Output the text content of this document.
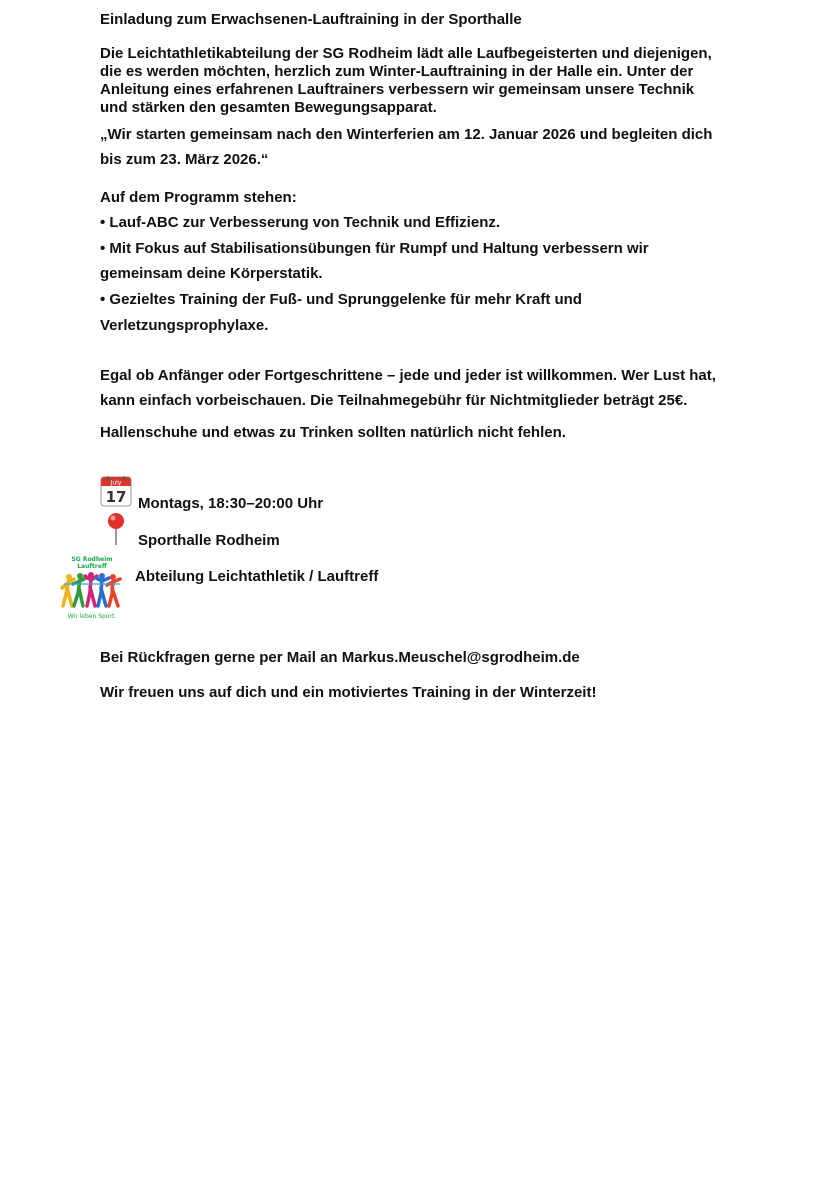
Einladung zum Erwachsenen-Lauftraining in der Sporthalle
Die Leichtathletikabteilung der SG Rodheim lädt alle Laufbegeisterten und diejenigen,
die es werden möchten, herzlich zum Winter-Lauftraining in der Halle ein. Unter der
Anleitung eines erfahrenen Lauftrainers verbessern wir gemeinsam unsere Technik
und stärken den gesamten Bewegungsapparat.
„Wir starten gemeinsam nach den Winterferien am 12. Januar 2026 und begleiten dich
bis zum 23. März 2026.“
Auf dem Programm stehen:
• Lauf-ABC zur Verbesserung von Technik und Effizienz.
• Mit Fokus auf Stabilisationsübungen für Rumpf und Haltung verbessern wir
gemeinsam deine Körperstatik.
• Gezieltes Training der Fuß- und Sprunggelenke für mehr Kraft und
Verletzungsprophylaxe.
Egal ob Anfänger oder Fortgeschrittene – jede und jeder ist willkommen. Wer Lust hat,
kann einfach vorbeischauen. Die Teilnahmegebühr für Nichtmitglieder beträgt 25€.
Hallenschuhe und etwas zu Trinken sollten natürlich nicht fehlen.
July
17 Montags, 18:30–20:00 Uhr
Sporthalle Rodheim
SG Rodheim
Lauftreff
Wir leben Sport.
Abteilung Leichtathletik / Lauftreff
Bei Rückfragen gerne per Mail an Markus.Meuschel@sgrodheim.de
Wir freuen uns auf dich und ein motiviertes Training in der Winterzeit!
